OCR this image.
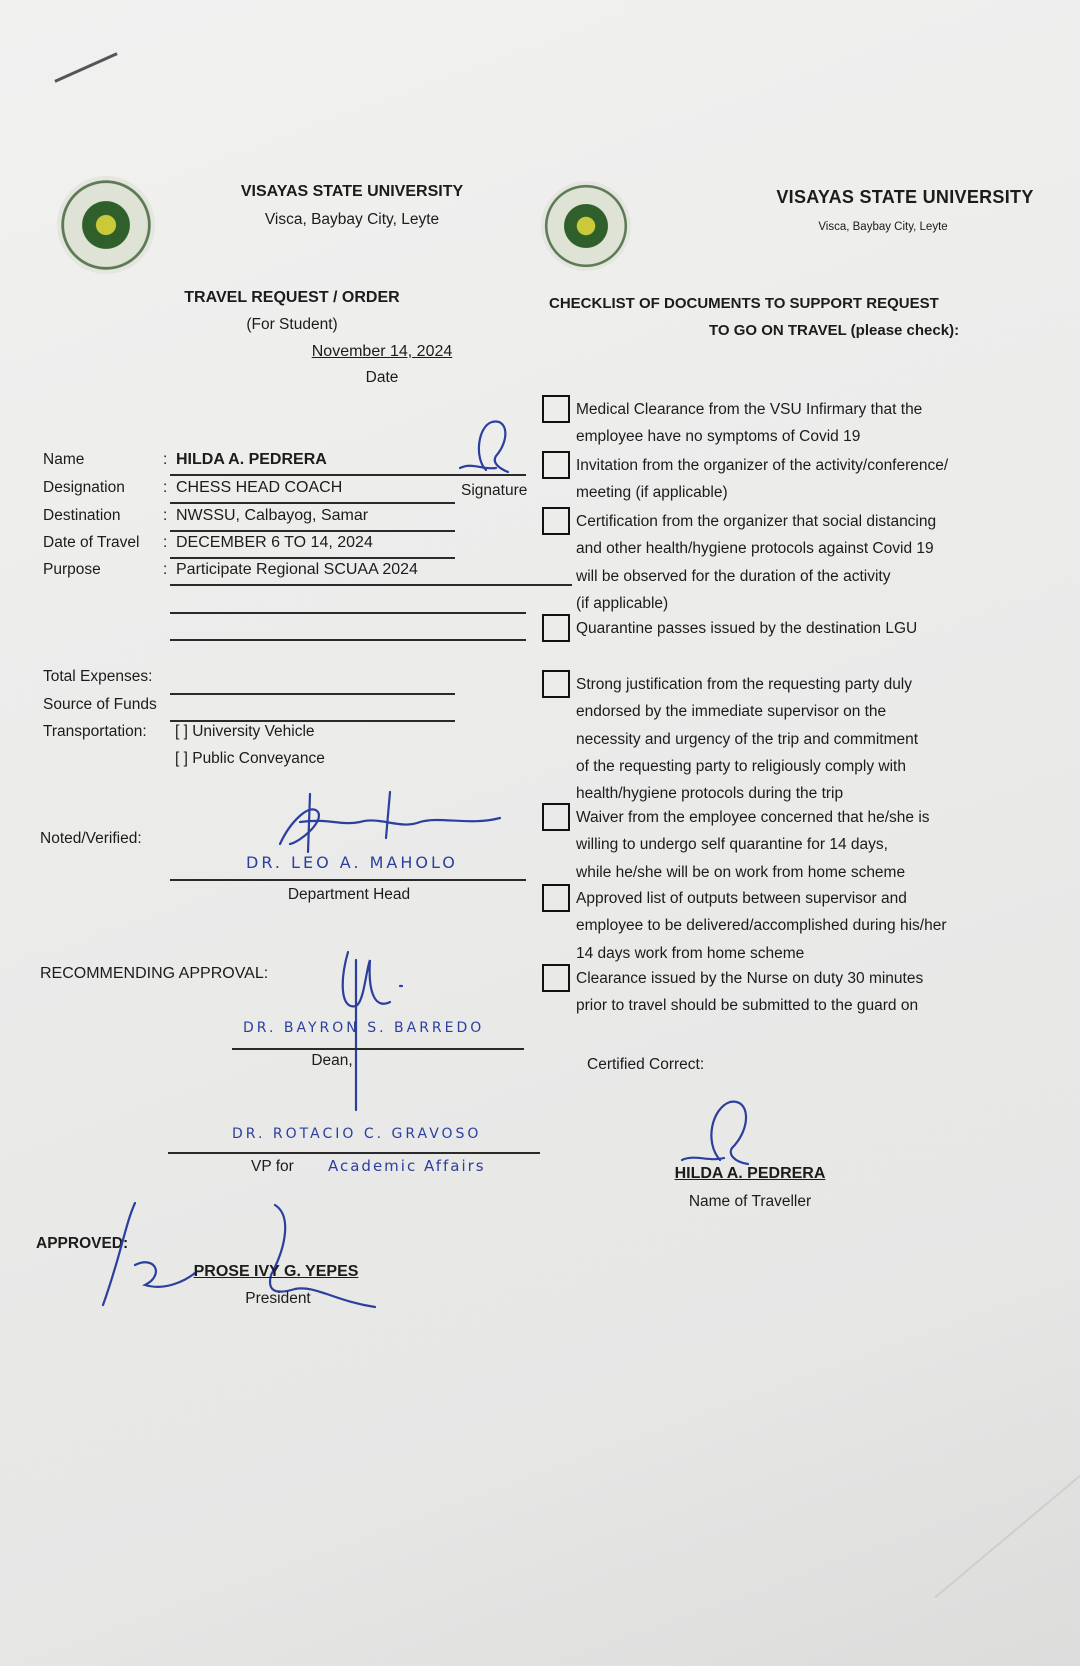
VISAYAS STATE UNIVERSITY
Visca, Baybay City, Leyte
VISAYAS STATE UNIVERSITY
Visca, Baybay City, Leyte
TRAVEL REQUEST / ORDER
(For Student)
November 14, 2024
Date
Name	: HILDA A. PEDRERA
Designation : CHESS HEAD COACH
Destination	: NWSSU, Calbayog, Samar
Date of Travel : DECEMBER 6 TO 14, 2024
Purpose	: Participate Regional SCUAA 2024
Signature
Total Expenses:
Source of Funds
Transportation: [ ] University Vehicle
[ ] Public Conveyance
Noted/Verified:
DR. LEO A. MAHOLO
Department Head
RECOMMENDING APPROVAL:
DR. BAYRON S. BARREDO
Dean,
DR. ROTACIO C. GRAVOSO
VP for Academic Affairs
APPROVED:
PROSE IVY G. YEPES
President
Certified Correct:
HILDA A. PEDRERA
Name of Traveller
CHECKLIST OF DOCUMENTS TO SUPPORT REQUEST
TO GO ON TRAVEL (please check):
Medical Clearance from the VSU Infirmary that the
employee have no symptoms of Covid 19
Invitation from the organizer of the activity/conference/
meeting (if applicable)
Certification from the organizer that social distancing
and other health/hygiene protocols against Covid 19
will be observed for the duration of the activity
(if applicable)
Quarantine passes issued by the destination LGU
Strong justification from the requesting party duly
endorsed by the immediate supervisor on the
necessity and urgency of the trip and commitment
of the requesting party to religiously comply with
health/hygiene protocols during the trip
Waiver from the employee concerned that he/she is
willing to undergo self quarantine for 14 days,
while he/she will be on work from home scheme
Approved list of outputs between supervisor and
employee to be delivered/accomplished during his/her
14 days work from home scheme
Clearance issued by the Nurse on duty 30 minutes
prior to travel should be submitted to the guard on
